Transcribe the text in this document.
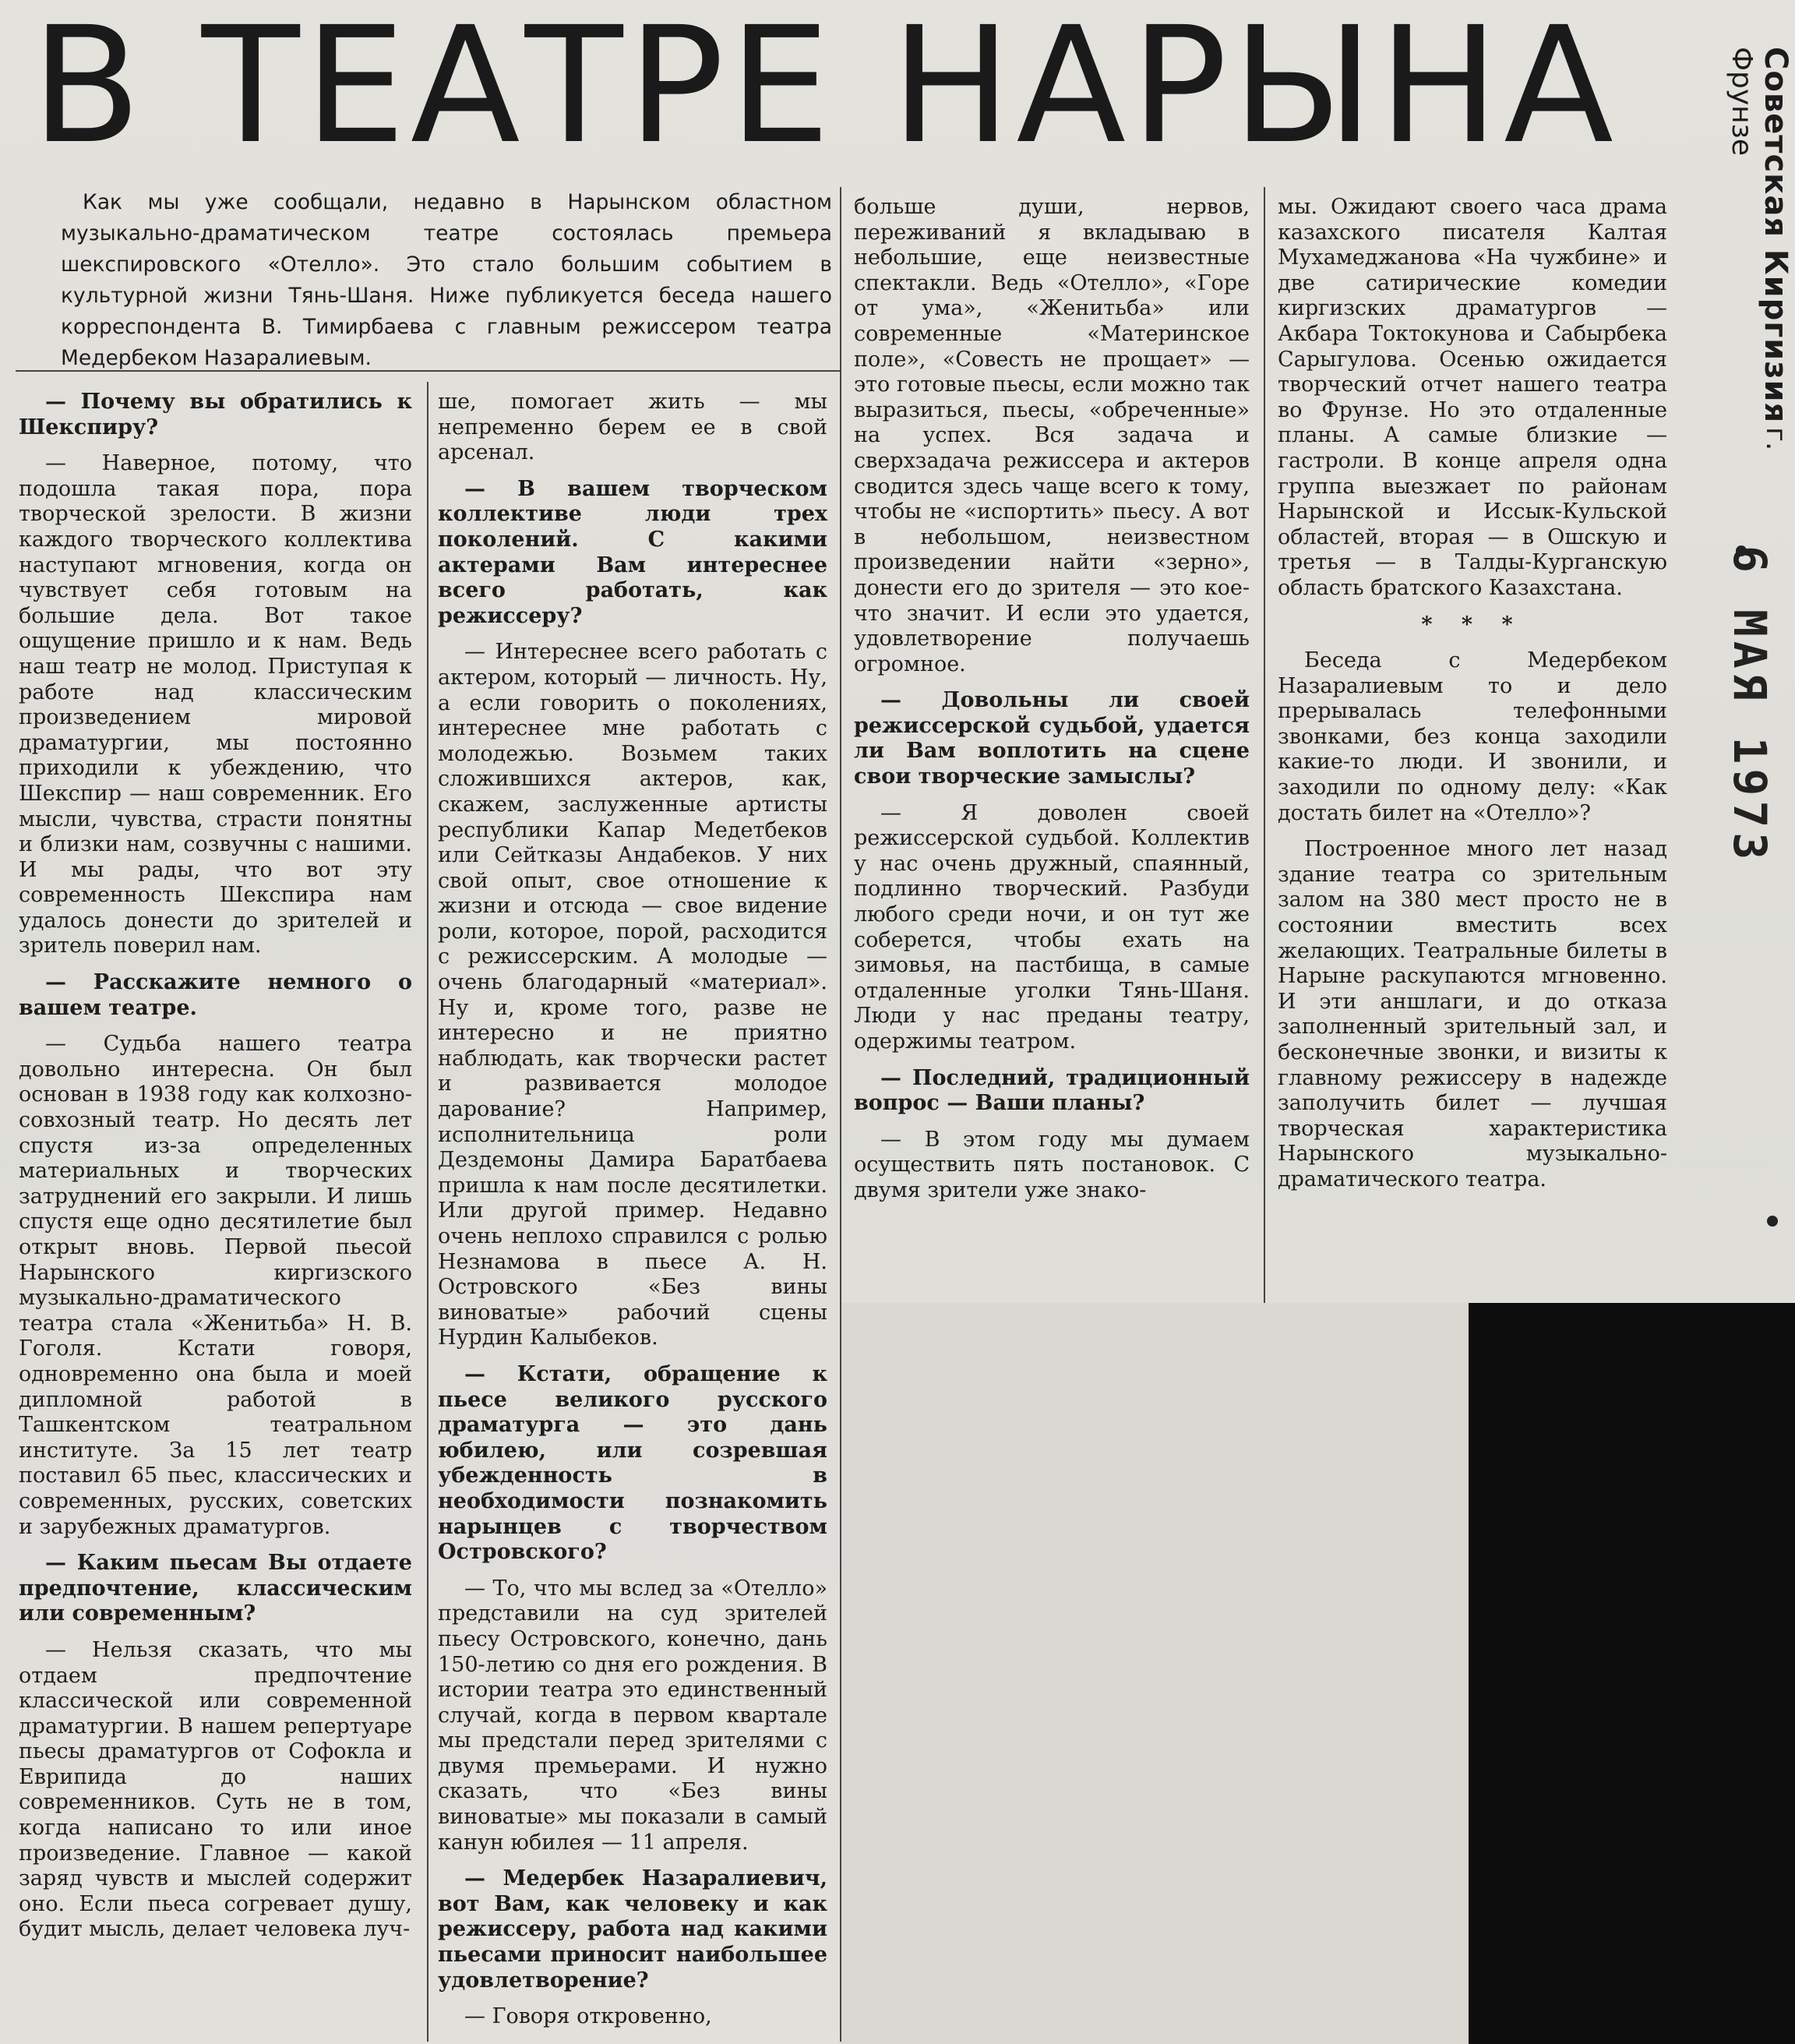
В ТЕАТРЕ НАРЫНА	Советская Киргизия г. Фрунзе
6 МАЯ 1973

Как мы уже сообщали, недавно в Нарынском областном музыкально-драматическом театре состоялась премьера шекспировского «Отелло». Это стало большим событием в культурной жизни Тянь-Шаня. Ниже публикуется беседа нашего корреспондента В. Тимирбаева с главным режиссером театра Медербеком Назаралиевым.

— Почему вы обратились к Шекспиру?

— Наверное, потому, что подошла такая пора, пора творческой зрелости. В жизни каждого творческого коллектива наступают мгновения, когда он чувствует себя готовым на большие дела. Вот такое ощущение пришло и к нам. Ведь наш театр не молод. Приступая к работе над классическим произведением мировой драматургии, мы постоянно приходили к убеждению, что Шекспир — наш современник. Его мысли, чувства, страсти понятны и близки нам, созвучны с нашими. И мы рады, что вот эту современность Шекспира нам удалось донести до зрителей и зритель поверил нам.

— Расскажите немного о вашем театре.

— Судьба нашего театра довольно интересна. Он был основан в 1938 году как колхозно-совхозный театр. Но десять лет спустя из-за определенных материальных и творческих затруднений его закрыли. И лишь спустя еще одно десятилетие был открыт вновь. Первой пьесой Нарынского киргизского музыкально-драматического театра стала «Женитьба» Н. В. Гоголя. Кстати говоря, одновременно она была и моей дипломной работой в Ташкентском театральном институте. За 15 лет театр поставил 65 пьес, классических и современных, русских, советских и зарубежных драматургов.

— Каким пьесам Вы отдаете предпочтение, классическим или современным?

— Нельзя сказать, что мы отдаем предпочтение классической или современной драматургии. В нашем репертуаре пьесы драматургов от Софокла и Еврипида до наших современников. Суть не в том, когда написано то или иное произведение. Главное — какой заряд чувств и мыслей содержит оно. Если пьеса согревает душу, будит мысль, делает человека луч-

ше, помогает жить — мы непременно берем ее в свой арсенал.

— В вашем творческом коллективе люди трех поколений. С какими актерами Вам интереснее всего работать, как режиссеру?

— Интереснее всего работать с актером, который — личность. Ну, а если говорить о поколениях, интереснее мне работать с молодежью. Возьмем таких сложившихся актеров, как, скажем, заслуженные артисты республики Капар Медетбеков или Сейтказы Андабеков. У них свой опыт, свое отношение к жизни и отсюда — свое видение роли, которое, порой, расходится с режиссерским. А молодые — очень благодарный «материал». Ну и, кроме того, разве не интересно и не приятно наблюдать, как творчески растет и развивается молодое дарование? Например, исполнительница роли Дездемоны Дамира Баратбаева пришла к нам после десятилетки. Или другой пример. Недавно очень неплохо справился с ролью Незнамова в пьесе А. Н. Островского «Без вины виноватые» рабочий сцены Нурдин Калыбеков.

— Кстати, обращение к пьесе великого русского драматурга — это дань юбилею, или созревшая убежденность в необходимости познакомить нарынцев с творчеством Островского?

— То, что мы вслед за «Отелло» представили на суд зрителей пьесу Островского, конечно, дань 150-летию со дня его рождения. В истории театра это единственный случай, когда в первом квартале мы предстали перед зрителями с двумя премьерами. И нужно сказать, что «Без вины виноватые» мы показали в самый канун юбилея — 11 апреля.

— Медербек Назаралиевич, вот Вам, как человеку и как режиссеру, работа над какими пьесами приносит наибольшее удовлетворение?

— Говоря откровенно,

больше души, нервов, переживаний я вкладываю в небольшие, еще неизвестные спектакли. Ведь «Отелло», «Горе от ума», «Женитьба» или современные «Материнское поле», «Совесть не прощает» — это готовые пьесы, если можно так выразиться, пьесы, «обреченные» на успех. Вся задача и сверхзадача режиссера и актеров сводится здесь чаще всего к тому, чтобы не «испортить» пьесу. А вот в небольшом, неизвестном произведении найти «зерно», донести его до зрителя — это кое-что значит. И если это удается, удовлетворение получаешь огромное.

— Довольны ли своей режиссерской судьбой, удается ли Вам воплотить на сцене свои творческие замыслы?

— Я доволен своей режиссерской судьбой. Коллектив у нас очень дружный, спаянный, подлинно творческий. Разбуди любого среди ночи, и он тут же соберется, чтобы ехать на зимовья, на пастбища, в самые отдаленные уголки Тянь-Шаня. Люди у нас преданы театру, одержимы театром.

— Последний, традиционный вопрос — Ваши планы?

— В этом году мы думаем осуществить пять постановок. С двумя зрители уже знако-

мы. Ожидают своего часа драма казахского писателя Калтая Мухамеджанова «На чужбине» и две сатирические комедии киргизских драматургов — Акбара Токтокунова и Сабырбека Сарыгулова. Осенью ожидается творческий отчет нашего театра во Фрунзе. Но это отдаленные планы. А самые близкие — гастроли. В конце апреля одна группа выезжает по районам Нарынской и Иссык-Кульской областей, вторая — в Ошскую и третья — в Талды-Курганскую область братского Казахстана.

* * *

Беседа с Медербеком Назаралиевым то и дело прерывалась телефонными звонками, без конца заходили какие-то люди. И звонили, и заходили по одному делу: «Как достать билет на «Отелло»?

Построенное много лет назад здание театра со зрительным залом на 380 мест просто не в состоянии вместить всех желающих. Театральные билеты в Нарыне раскупаются мгновенно. И эти аншлаги, и до отказа заполненный зрительный зал, и бесконечные звонки, и визиты к главному режиссеру в надежде заполучить билет — лучшая творческая характеристика Нарынского музыкально-драматического театра.
